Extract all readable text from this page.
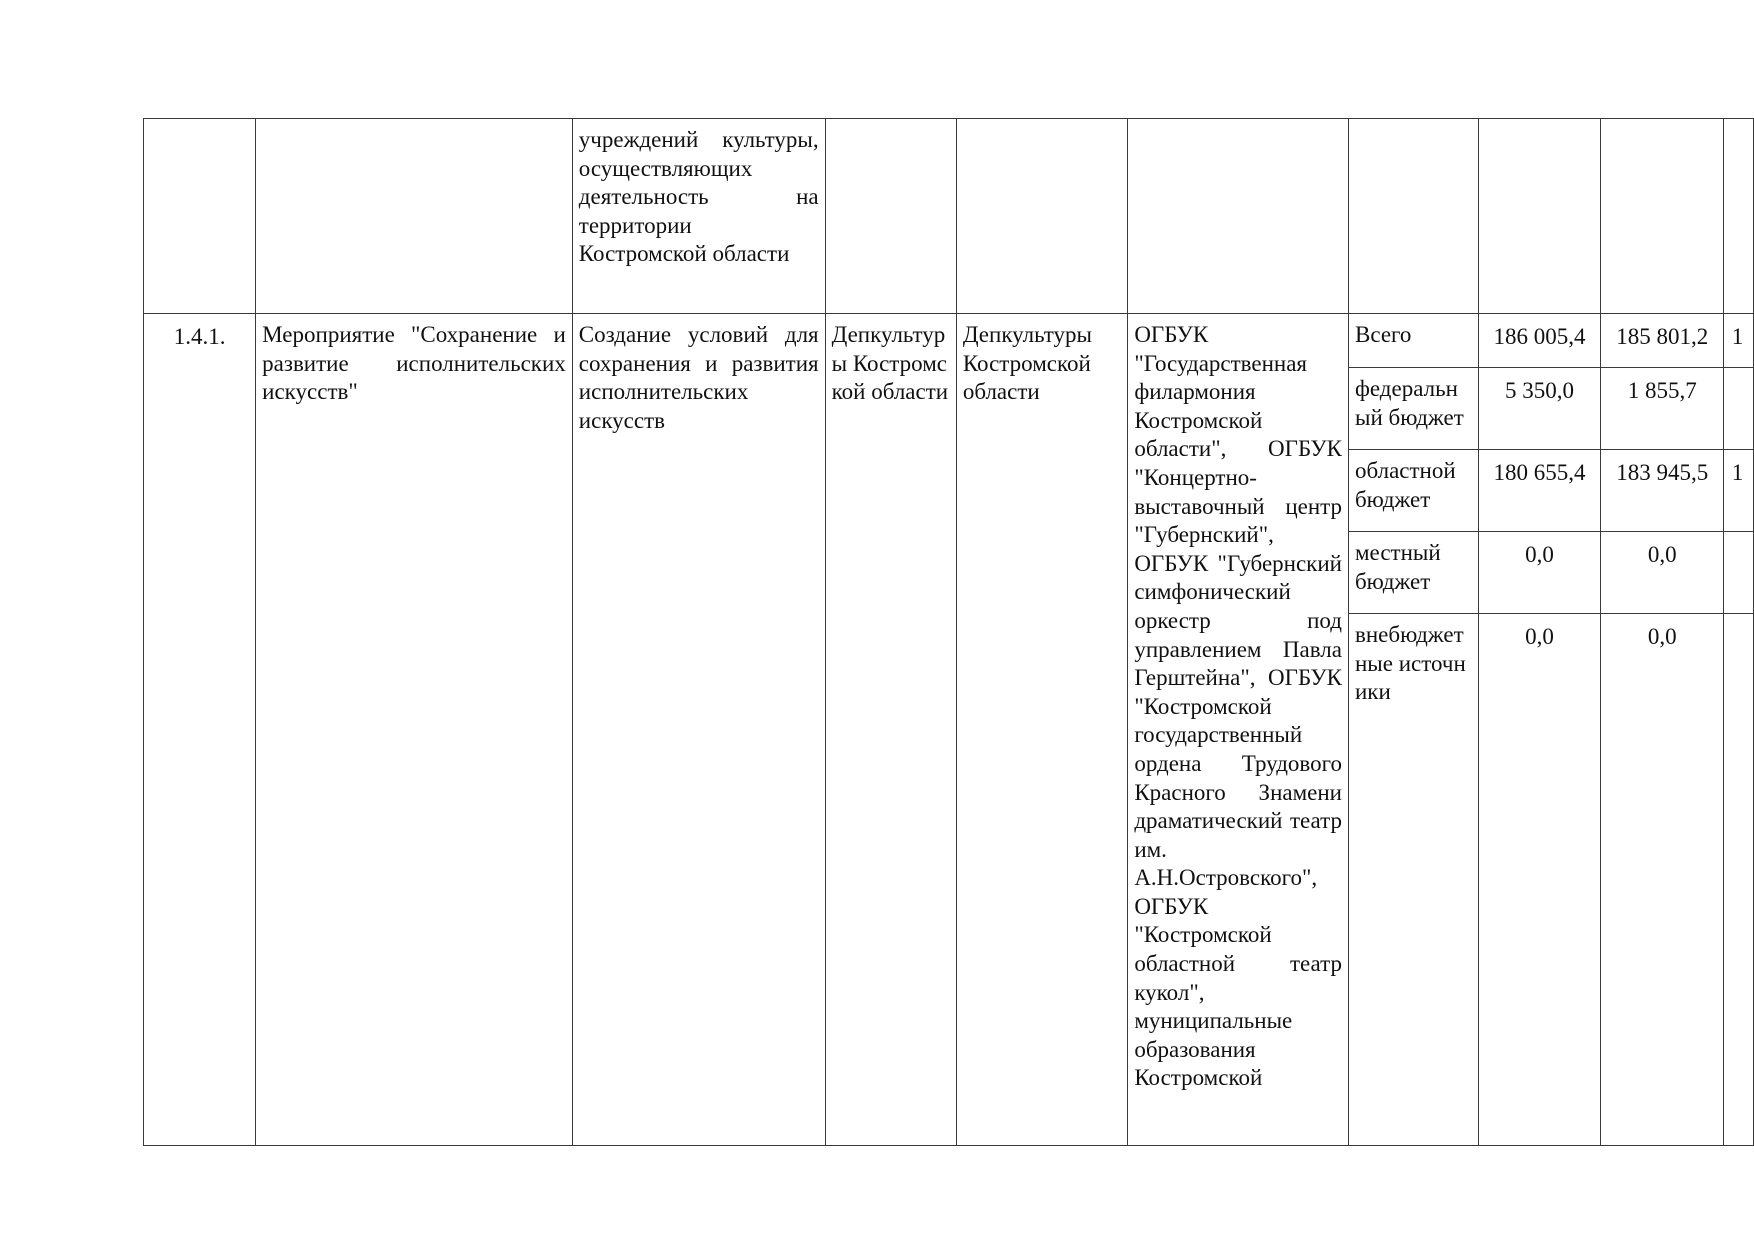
		учреждений культуры, осуществляющих деятельность на территории Костромской области							
1.4.1.	Мероприятие "Сохранение и развитие исполнительских искусств"	Создание условий для сохранения и развития исполнительских искусств	Депкультуры Костромской области	Депкультуры Костромской области	ОГБУК "Государственная филармония Костромской области", ОГБУК "Концертно-выставочный центр "Губернский", ОГБУК "Губернский симфонический оркестр под управлением Павла Герштейна", ОГБУК "Костромской государственный ордена Трудового Красного Знамени драматический театр им. А.Н.Островского", ОГБУК "Костромской областной театр кукол", муниципальные образования Костромской	Всего	186 005,4	185 801,2	1
						федеральный бюджет	5 350,0	1 855,7	
						областной бюджет	180 655,4	183 945,5	1
						местный бюджет	0,0	0,0	
						внебюджетные источники	0,0	0,0	
